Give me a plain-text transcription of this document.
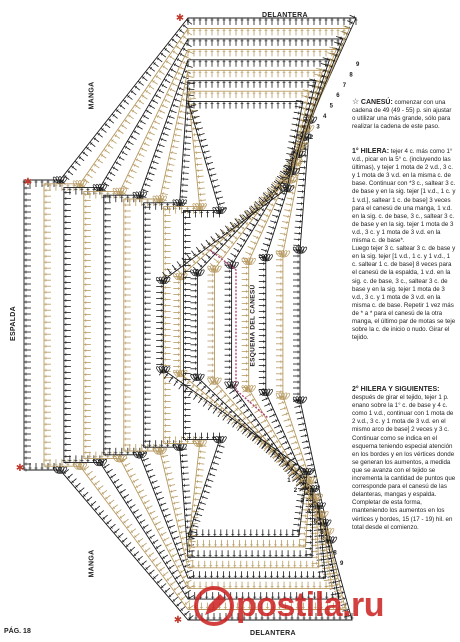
✱
✱
✱
✱
9
9
8
8
7
7
6
6
5
5
4
4
3
3
2
2
1
1
DELANTERA
MANGA
ESPALDA
MANGA
DELANTERA
ESQUEMA DEL CANESÚ

☆ CANESÚ: comenzar con una cadena de 49 (49 - 55) p. sin ajustar o utilizar una más grande, sólo para realizar la cadena de este paso.

1° HILERA: tejer 4 c. más como 1° v.d., picar en la 5° c. (incluyendo las últimas), y tejer 1 mota de 2 v.d., 3 c. y 1 mota de 3 v.d. en la misma c. de base. Continuar con *3 c., saltear 3 c. de base y en la sig. tejer [1 v.d., 1 c. y 1 v.d.], saltear 1 c. de base] 3 veces para el canesú de una manga, 1 v.d. en la sig. c. de base, 3 c., saltear 3 c. de base y en la sig. tejer 1 mota de 3 v.d., 3 c. y 1 mota de 3 v.d. en la misma c. de base*.

Luego tejer 3 c. saltear 3 c. de base y en la sig. tejer [1 v.d., 1 c. y 1 v.d., 1 c. saltear 1 c. de base] 8 veces para el canesú de la espalda, 1 v.d. en la sig. c. de base, 3 c., saltear 3 c. de base y en la sig. tejer 1 mota de 3 v.d., 3 c. y 1 mota de 3 v.d. en la misma c. de base. Repetir 1 vez más de * a * para el canesú de la otra manga, el último par de motas se teje sobre la c. de inicio o nudo. Girar el tejido.

2° HILERA Y SIGUIENTES:

después de girar el tejido, tejer 1 p. enano sobre la 1° c. de base y 4 c. como 1 v.d., continuar con 1 mota de 2 v.d., 3 c. y 1 mota de 3 v.d. en el mismo arco de base] 2 veces y 3 c. Continuar como se indica en el esquema teniendo especial atención en los bordes y en los vértices donde se generan los aumentos, a medida que se avanza con el tejido se incrementa la cantidad de puntos que corresponde para el canesú de las delanteras, mangas y espalda. Completar de esta forma, manteniendo los aumentos en los vértices y bordes, 15 (17 - 19) hil. en total desde el comienzo.

PÁG. 18
postila.ru
